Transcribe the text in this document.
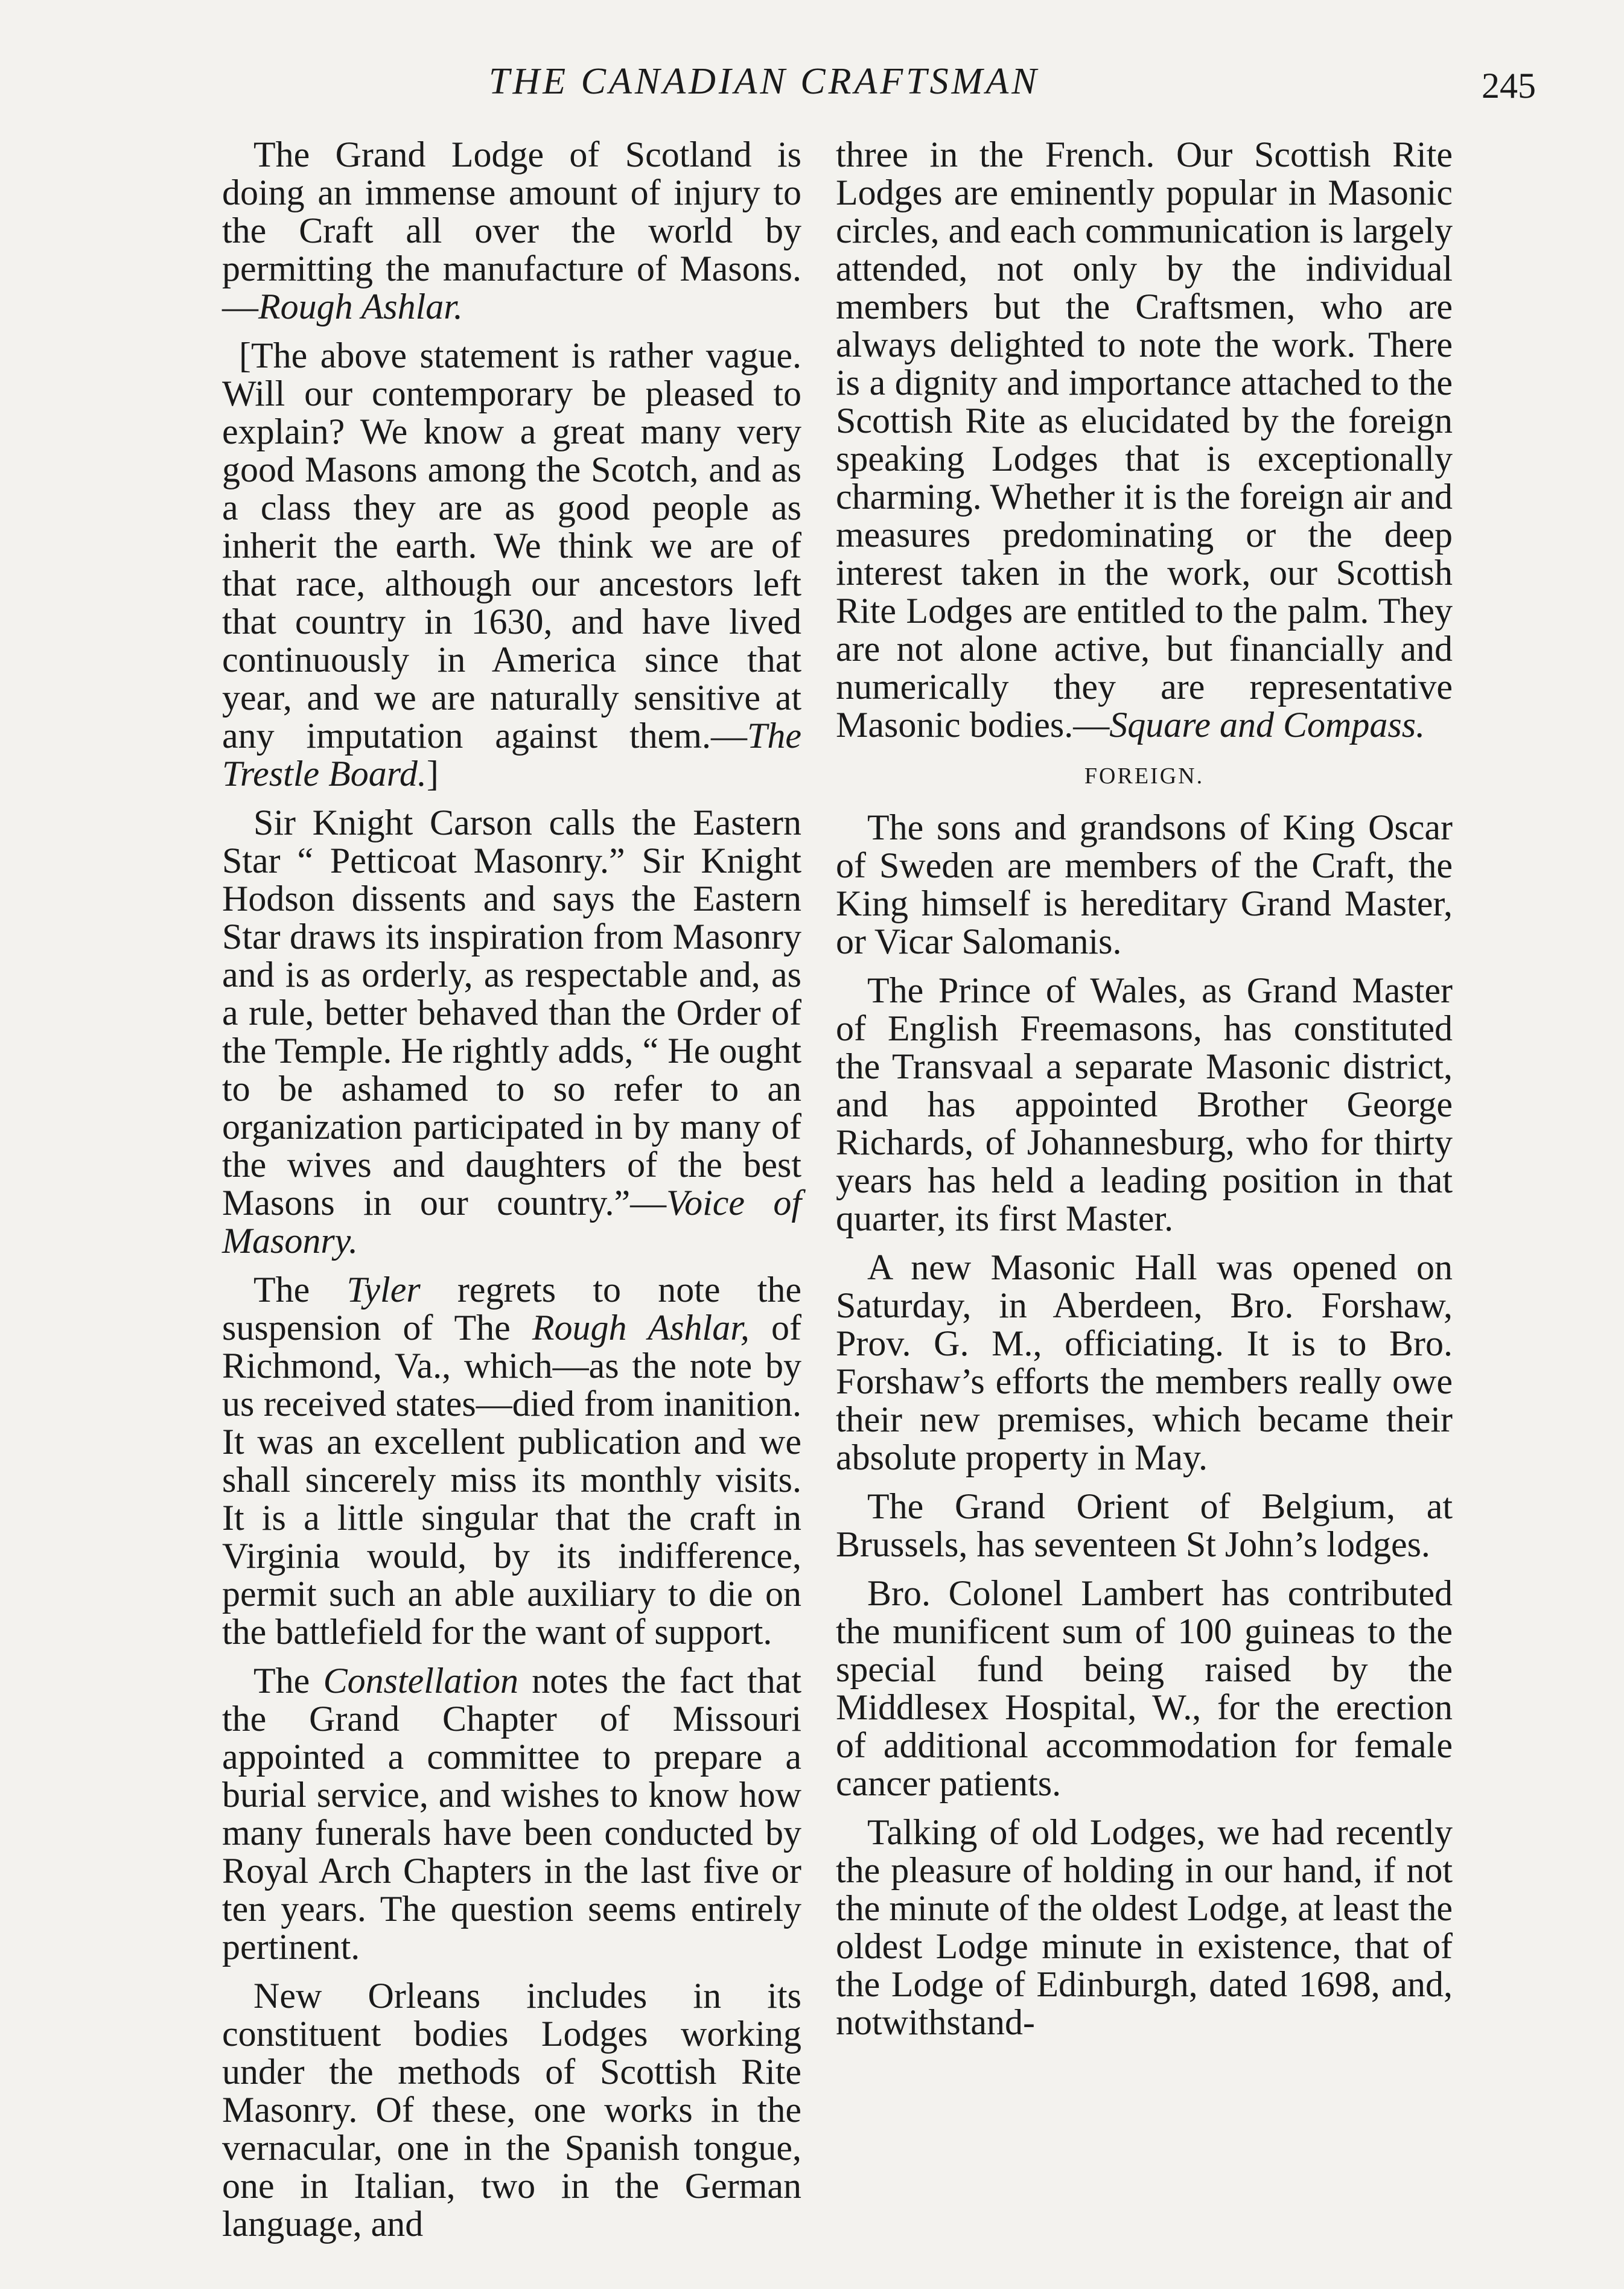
THE CANADIAN CRAFTSMAN	245

The Grand Lodge of Scotland is doing an immense amount of injury to the Craft all over the world by permitting the manufacture of Masons.—Rough Ashlar.

[The above statement is rather vague. Will our contemporary be pleased to explain? We know a great many very good Masons among the Scotch, and as a class they are as good people as inherit the earth. We think we are of that race, although our ancestors left that country in 1630, and have lived continuously in America since that year, and we are naturally sensitive at any imputation against them.—The Trestle Board.]

Sir Knight Carson calls the Eastern Star “ Petticoat Masonry.” Sir Knight Hodson dissents and says the Eastern Star draws its inspiration from Masonry and is as orderly, as respectable and, as a rule, better behaved than the Order of the Temple. He rightly adds, “ He ought to be ashamed to so refer to an organization participated in by many of the wives and daughters of the best Masons in our country.”—Voice of Masonry.

The Tyler regrets to note the suspension of The Rough Ashlar, of Richmond, Va., which—as the note by us received states—died from inanition. It was an excellent publication and we shall sincerely miss its monthly visits. It is a little singular that the craft in Virginia would, by its indifference, permit such an able auxiliary to die on the battlefield for the want of support.

The Constellation notes the fact that the Grand Chapter of Missouri appointed a committee to prepare a burial service, and wishes to know how many funerals have been conducted by Royal Arch Chapters in the last five or ten years. The question seems entirely pertinent.

New Orleans includes in its constituent bodies Lodges working under the methods of Scottish Rite Masonry. Of these, one works in the vernacular, one in the Spanish tongue, one in Italian, two in the German language, and

three in the French. Our Scottish Rite Lodges are eminently popular in Masonic circles, and each communication is largely attended, not only by the individual members but the Craftsmen, who are always delighted to note the work. There is a dignity and importance attached to the Scottish Rite as elucidated by the foreign speaking Lodges that is exceptionally charming. Whether it is the foreign air and measures predominating or the deep interest taken in the work, our Scottish Rite Lodges are entitled to the palm. They are not alone active, but financially and numerically they are representative Masonic bodies.—Square and Compass.

FOREIGN.

The sons and grandsons of King Oscar of Sweden are members of the Craft, the King himself is hereditary Grand Master, or Vicar Salomanis.

The Prince of Wales, as Grand Master of English Freemasons, has constituted the Transvaal a separate Masonic district, and has appointed Brother George Richards, of Johannesburg, who for thirty years has held a leading position in that quarter, its first Master.

A new Masonic Hall was opened on Saturday, in Aberdeen, Bro. Forshaw, Prov. G. M., officiating. It is to Bro. Forshaw’s efforts the members really owe their new premises, which became their absolute property in May.

The Grand Orient of Belgium, at Brussels, has seventeen St John’s lodges.

Bro. Colonel Lambert has contributed the munificent sum of 100 guineas to the special fund being raised by the Middlesex Hospital, W., for the erection of additional accommodation for female cancer patients.

Talking of old Lodges, we had recently the pleasure of holding in our hand, if not the minute of the oldest Lodge, at least the oldest Lodge minute in existence, that of the Lodge of Edinburgh, dated 1698, and, notwithstand-
